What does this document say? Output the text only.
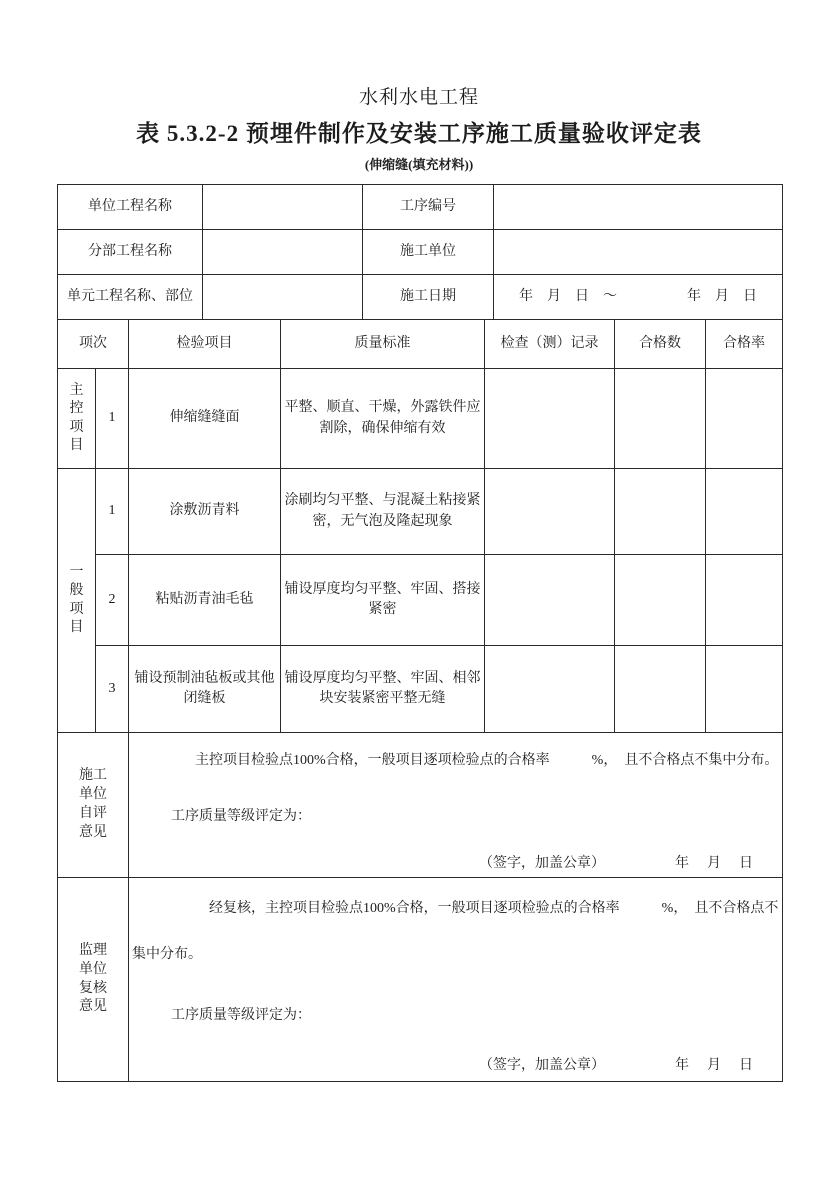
水利水电工程
表 5.3.2-2 预埋件制作及安装工序施工质量验收评定表
(伸缩缝(填充材料))
单位工程名称		工序编号	
分部工程名称		施工单位	
单元工程名称、部位		施工日期	年　月　日　～　　　　　年　月　日
项次		检验项目	质量标准	检查（测）记录	合格数	合格率

主控项目	1	伸缩缝缝面	平整、顺直、干燥，外露铁件应割除，确保伸缩有效			

一般项目	1	涂敷沥青料	涂刷均匀平整、与混凝土粘接紧密，无气泡及隆起现象			
	2	粘贴沥青油毛毡	铺设厚度均匀平整、牢固、搭接紧密			
	3	铺设预制油毡板或其他闭缝板	铺设厚度均匀平整、牢固、相邻块安装紧密平整无缝			

施工单位自评意见		主控项目检验点100%合格，一般项目逐项检验点的合格率　　　%，　且不合格点不集中分布。
工序质量等级评定为：
（签字，加盖公章） 年　月　日				

监理单位复核意见		经复核，主控项目检验点100%合格，一般项目逐项检验点的合格率　　　%，　且不合格点不
集中分布。
工序质量等级评定为：
（签字，加盖公章） 年　月　日				
